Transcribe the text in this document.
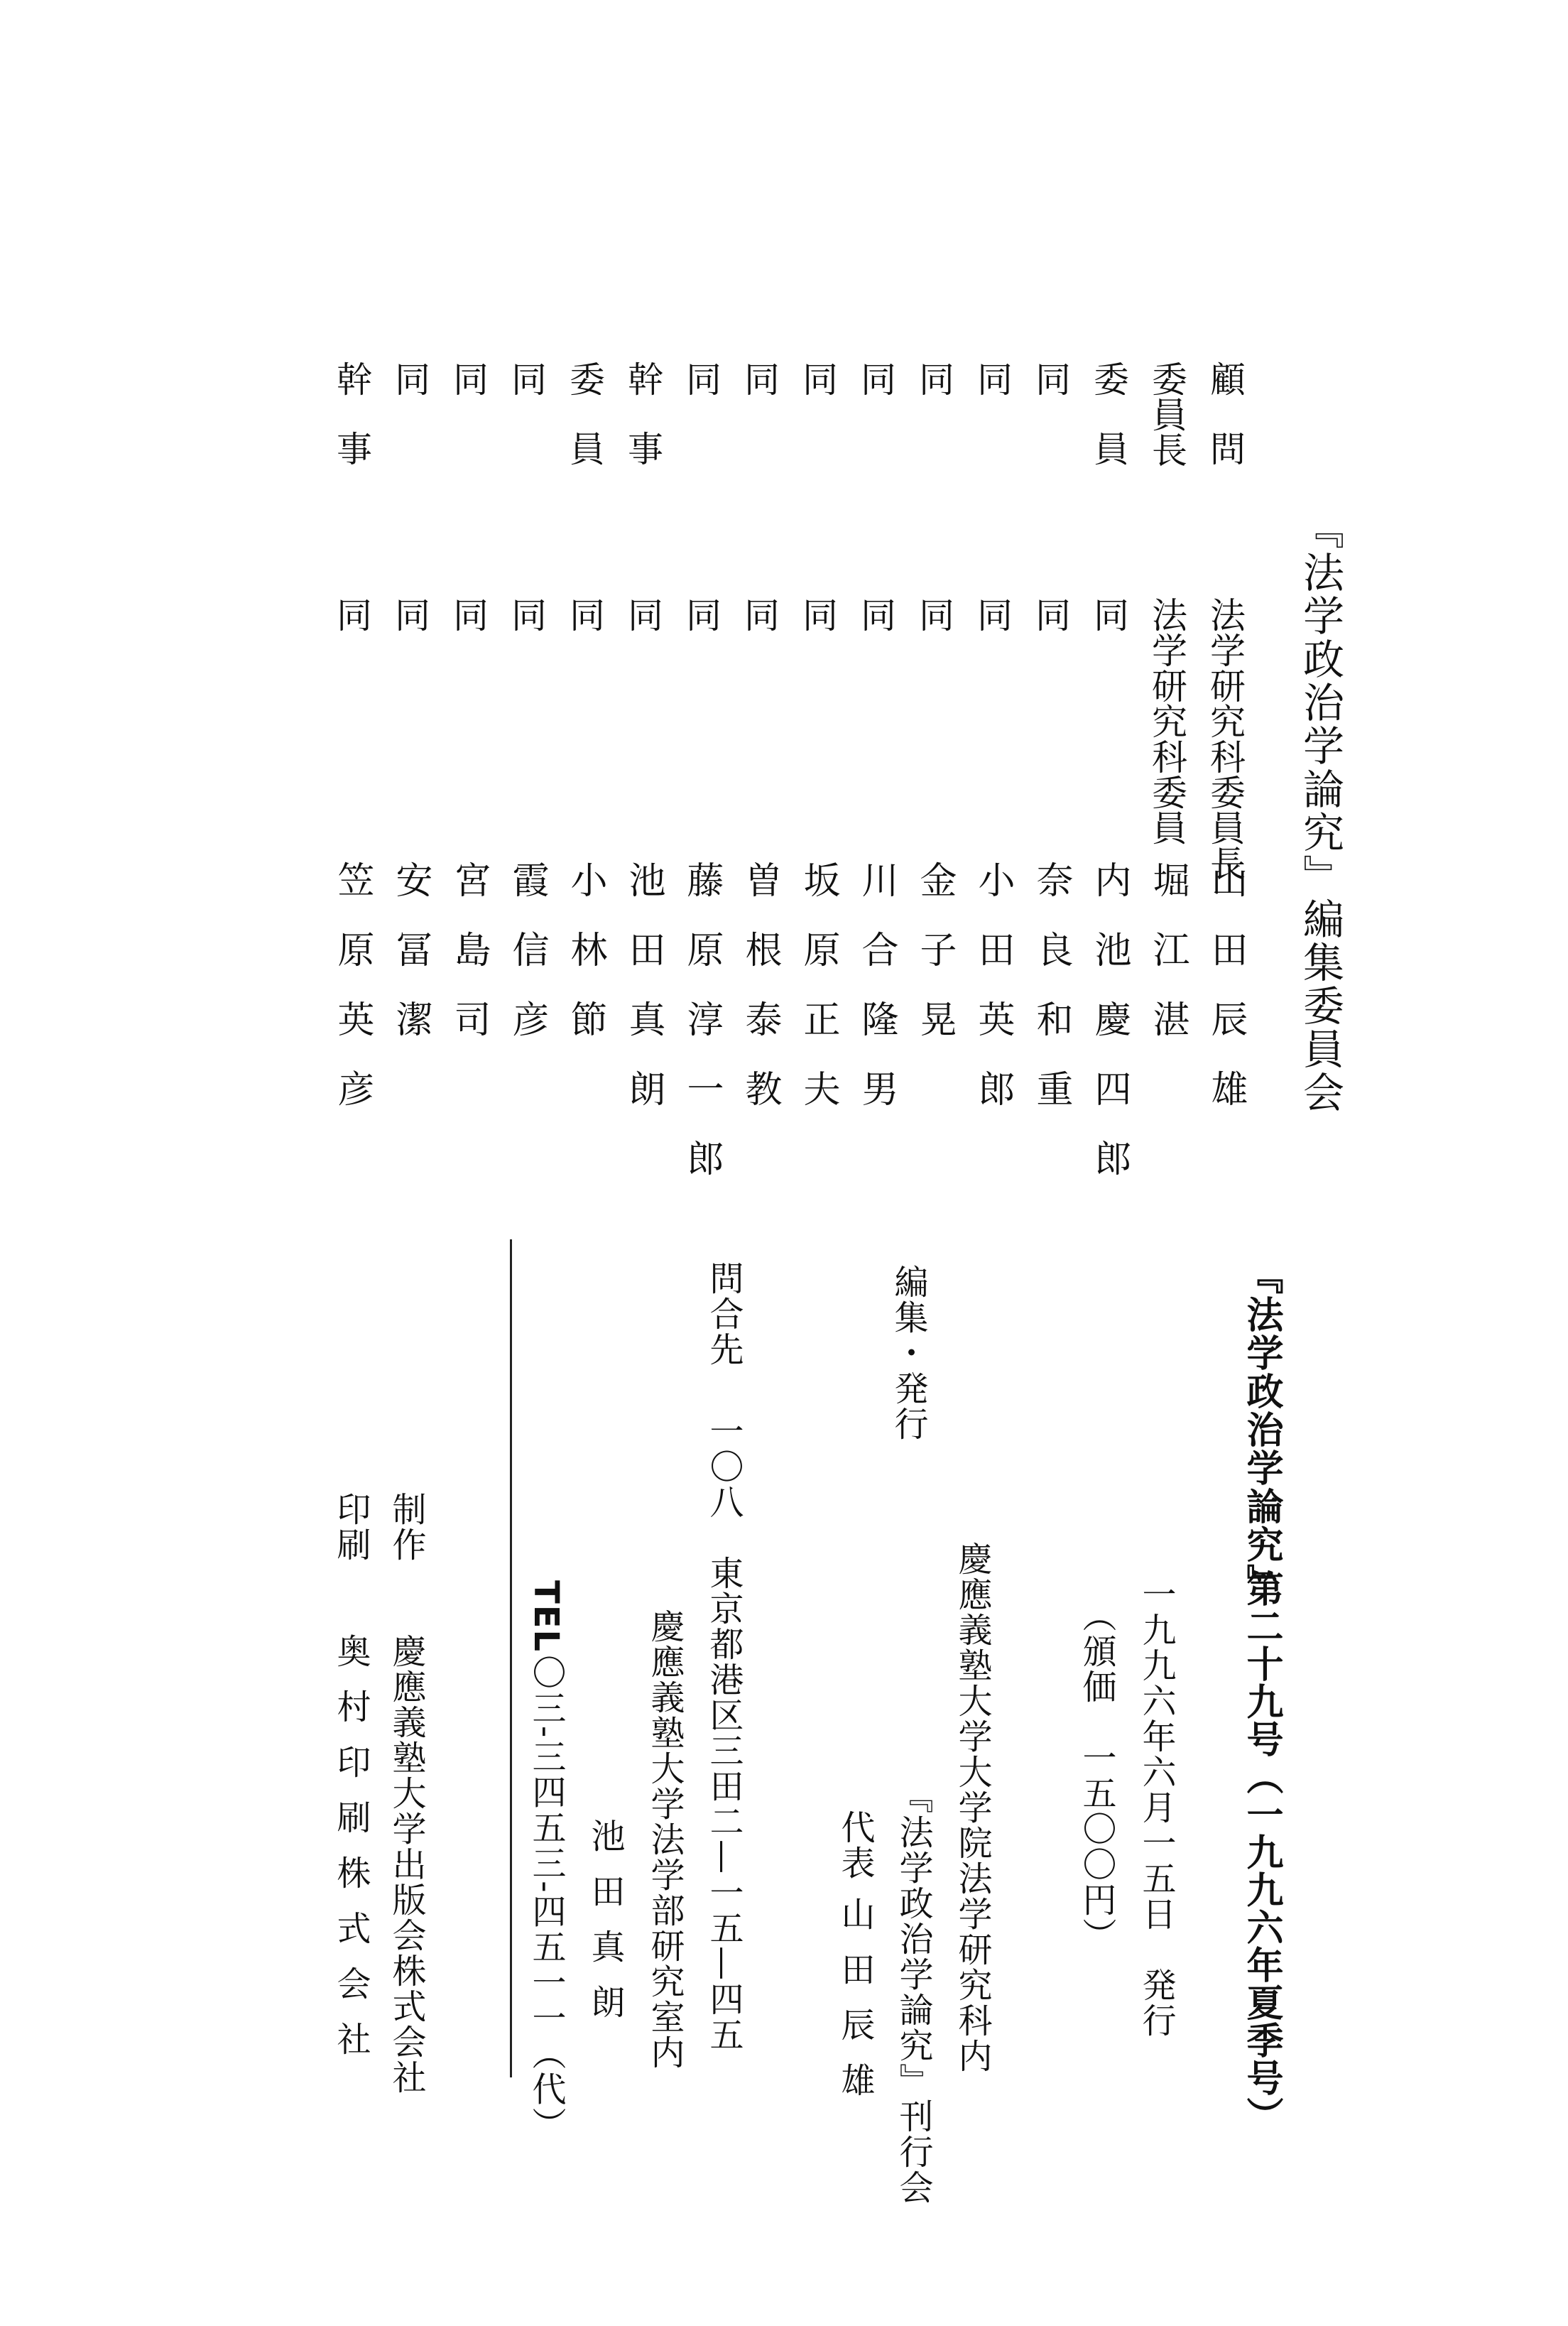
『法学政治学論究』編集委員会
顧問
法学研究科委員長
山田辰雄
委員長
法学研究科委員
堀江湛
委員
同
内池慶四郎
同
同
奈良和重
同
同
小田英郎
同
同
金子晃
同
同
川合隆男
同
同
坂原正夫
同
同
曽根泰教
同
同
藤原淳一郎
幹事
同
池田真朗
委員
同
小林節
同
同
霞信彦
同
同
宮島司
同
同
安冨潔
幹事
同
笠原英彦
『法学政治学論究』
第二十九号（一九九六年夏季号）
一九九六年六月一五日　発行
（頒価　一五〇〇円）
編集・発行
慶應義塾大学大学院法学研究科内
『法学政治学論究』刊行会
代表
山田辰雄
問合先
一〇八　東京都港区三田二—一五—四五
慶應義塾大学法学部研究室内
池田真朗
TEL
〇三-三四五三-四五一一（代）
制作
慶應義塾大学出版会株式会社
印刷
奥村印刷株式会社
